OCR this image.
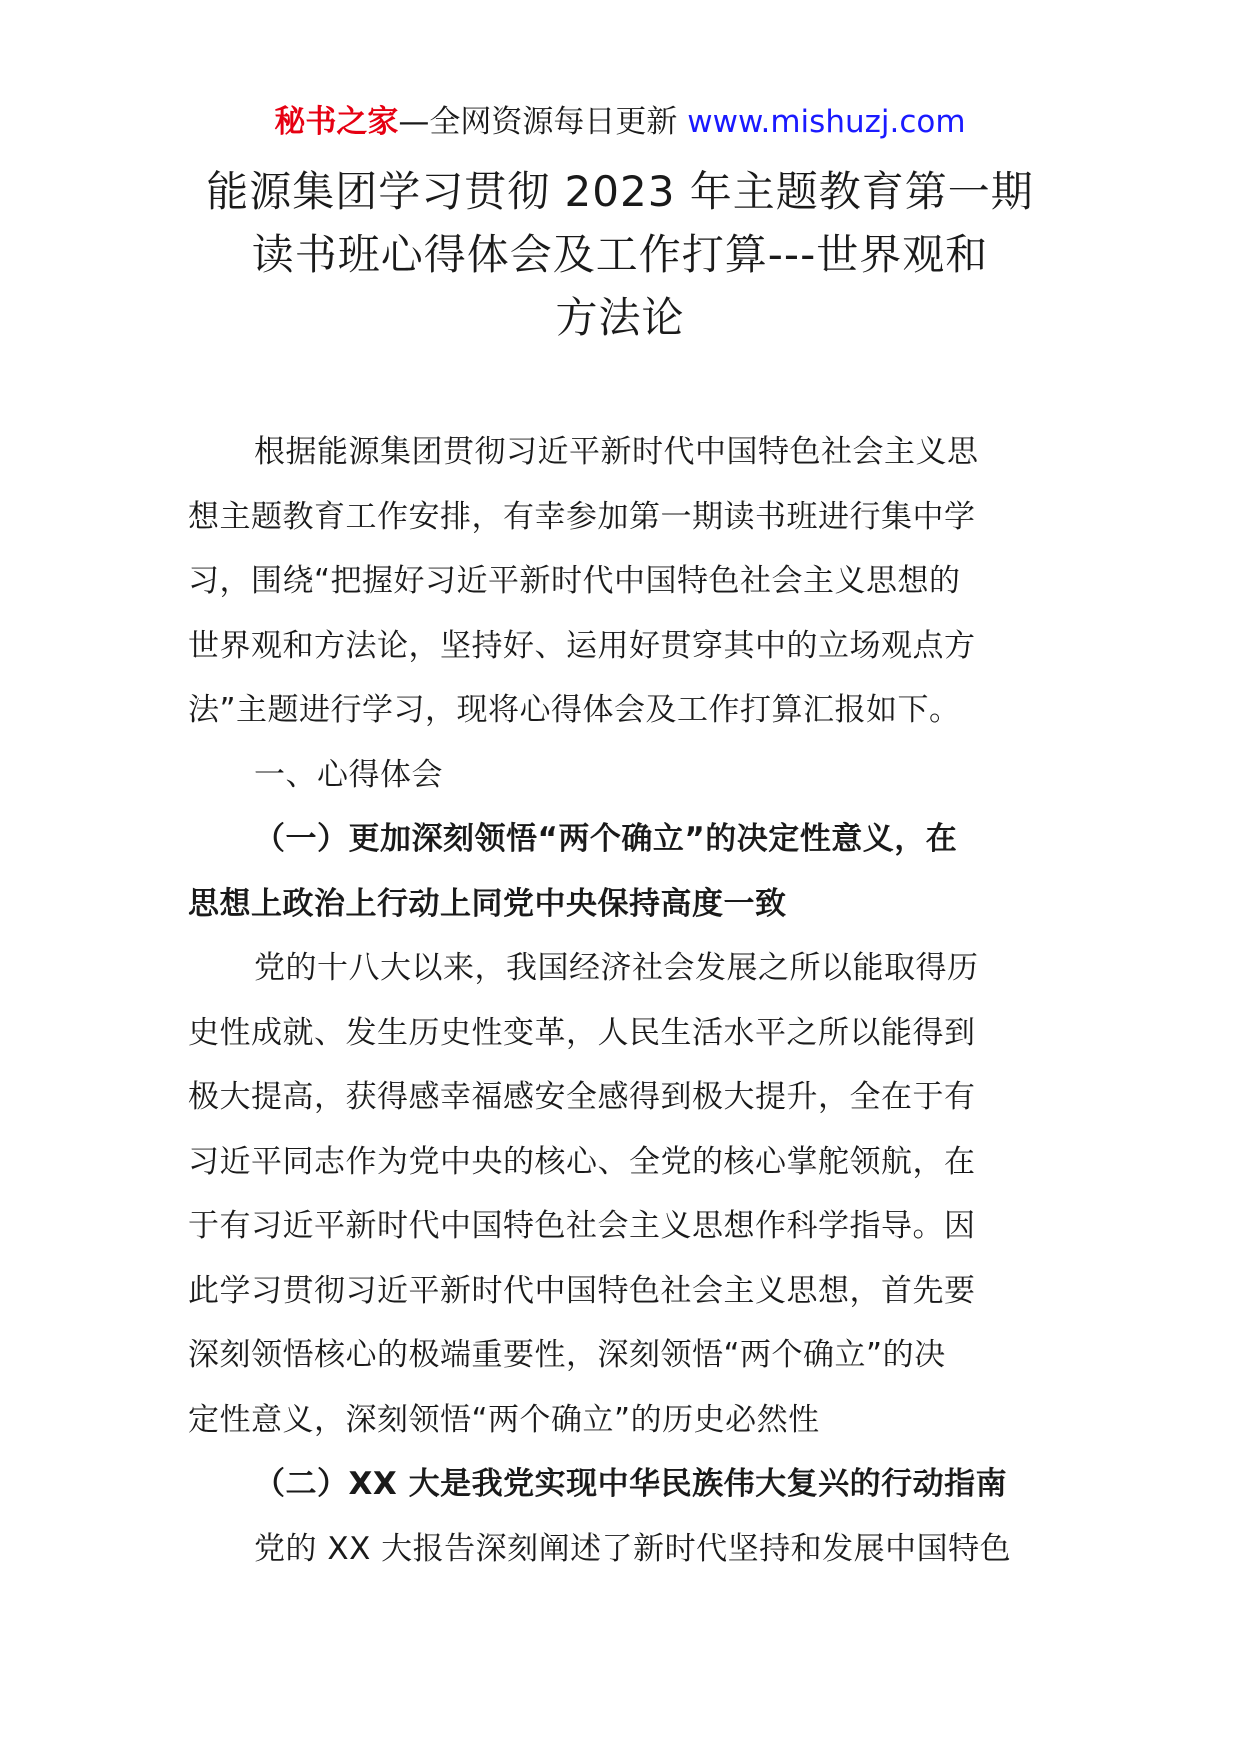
秘书之家—全网资源每日更新 www.mishuzj.com
能源集团学习贯彻 2023 年主题教育第一期
读书班心得体会及工作打算---世界观和
方法论
根据能源集团贯彻习近平新时代中国特色社会主义思
想主题教育工作安排，有幸参加第一期读书班进行集中学
习，围绕“把握好习近平新时代中国特色社会主义思想的
世界观和方法论，坚持好、运用好贯穿其中的立场观点方
法”主题进行学习，现将心得体会及工作打算汇报如下。
一、心得体会
（一）更加深刻领悟“两个确立”的决定性意义，在
思想上政治上行动上同党中央保持高度一致
党的十八大以来，我国经济社会发展之所以能取得历
史性成就、发生历史性变革，人民生活水平之所以能得到
极大提高，获得感幸福感安全感得到极大提升，全在于有
习近平同志作为党中央的核心、全党的核心掌舵领航，在
于有习近平新时代中国特色社会主义思想作科学指导。因
此学习贯彻习近平新时代中国特色社会主义思想，首先要
深刻领悟核心的极端重要性，深刻领悟“两个确立”的决
定性意义，深刻领悟“两个确立”的历史必然性
（二）XX 大是我党实现中华民族伟大复兴的行动指南
党的 XX 大报告深刻阐述了新时代坚持和发展中国特色
